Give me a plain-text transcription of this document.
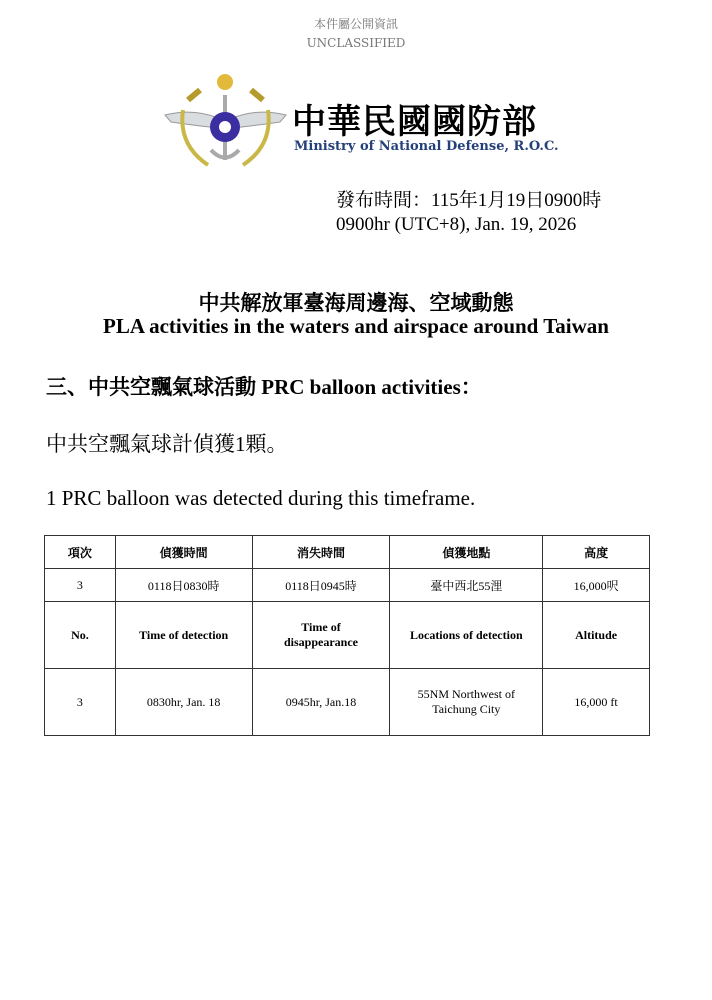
本件屬公開資訊
UNCLASSIFIED
中華民國國防部
Ministry of National Defense, R.O.C.
發布時間：115年1月19日0900時
0900hr (UTC+8), Jan. 19, 2026
中共解放軍臺海周邊海、空域動態
PLA activities in the waters and airspace around Taiwan
三、中共空飄氣球活動 PRC balloon activities：
中共空飄氣球計偵獲1顆。
1 PRC balloon was detected during this timeframe.
項次	偵獲時間	消失時間	偵獲地點	高度
3	0118日0830時	0118日0945時	臺中西北55浬	16,000呎
No.	Time of detection	Time of disappearance	Locations of detection	Altitude
3	0830hr, Jan. 18	0945hr, Jan.18	55NM Northwest of Taichung City	16,000 ft
